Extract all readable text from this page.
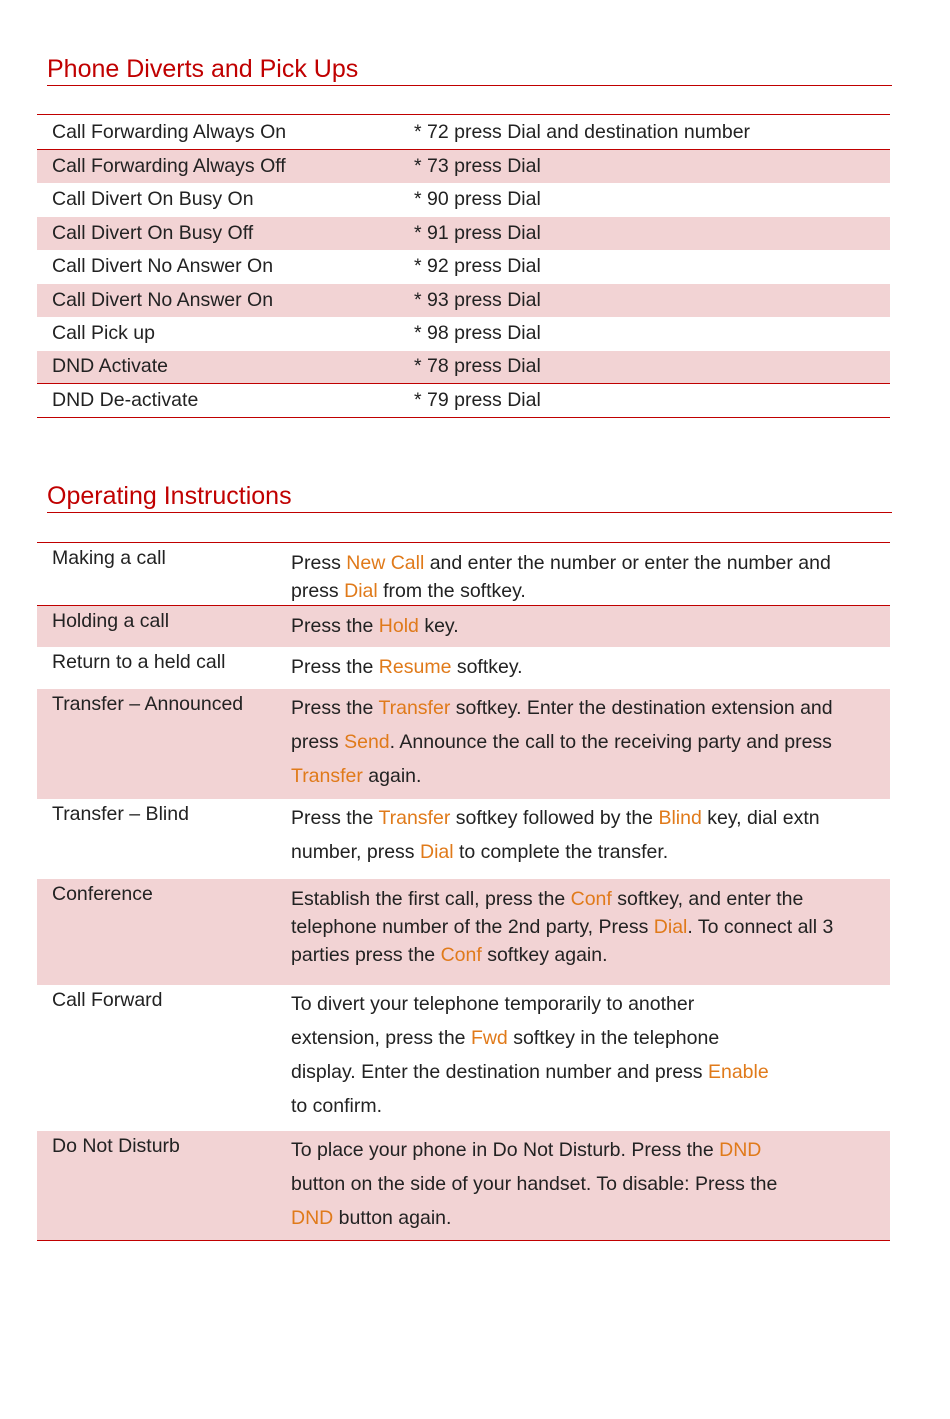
Phone Diverts and Pick Ups
Call Forwarding Always On	* 72 press Dial and destination number
Call Forwarding Always Off	* 73 press Dial
Call Divert On Busy On	* 90 press Dial
Call Divert On Busy Off	* 91 press Dial
Call Divert No Answer On	* 92 press Dial
Call Divert No Answer On	* 93 press Dial
Call Pick up	* 98 press Dial
DND Activate	* 78 press Dial
DND De-activate	* 79 press Dial
Operating Instructions
Making a call	Press New Call and enter the number or enter the number and press Dial from the softkey.
Holding a call	Press the Hold key.
Return to a held call	Press the Resume softkey.
Transfer – Announced	Press the Transfer softkey. Enter the destination extension and press Send. Announce the call to the receiving party and press Transfer again.
Transfer – Blind	Press the Transfer softkey followed by the Blind key, dial extn number, press Dial to complete the transfer.
Conference	Establish the first call, press the Conf softkey, and enter the telephone number of the 2nd party, Press Dial. To connect all 3 parties press the Conf softkey again.
Call Forward	To divert your telephone temporarily to another
extension, press the Fwd softkey in the telephone
display. Enter the destination number and press Enable
to confirm.

Do Not Disturb	To place your phone in Do Not Disturb. Press the DND
button on the side of your handset. To disable: Press the
DND button again.
